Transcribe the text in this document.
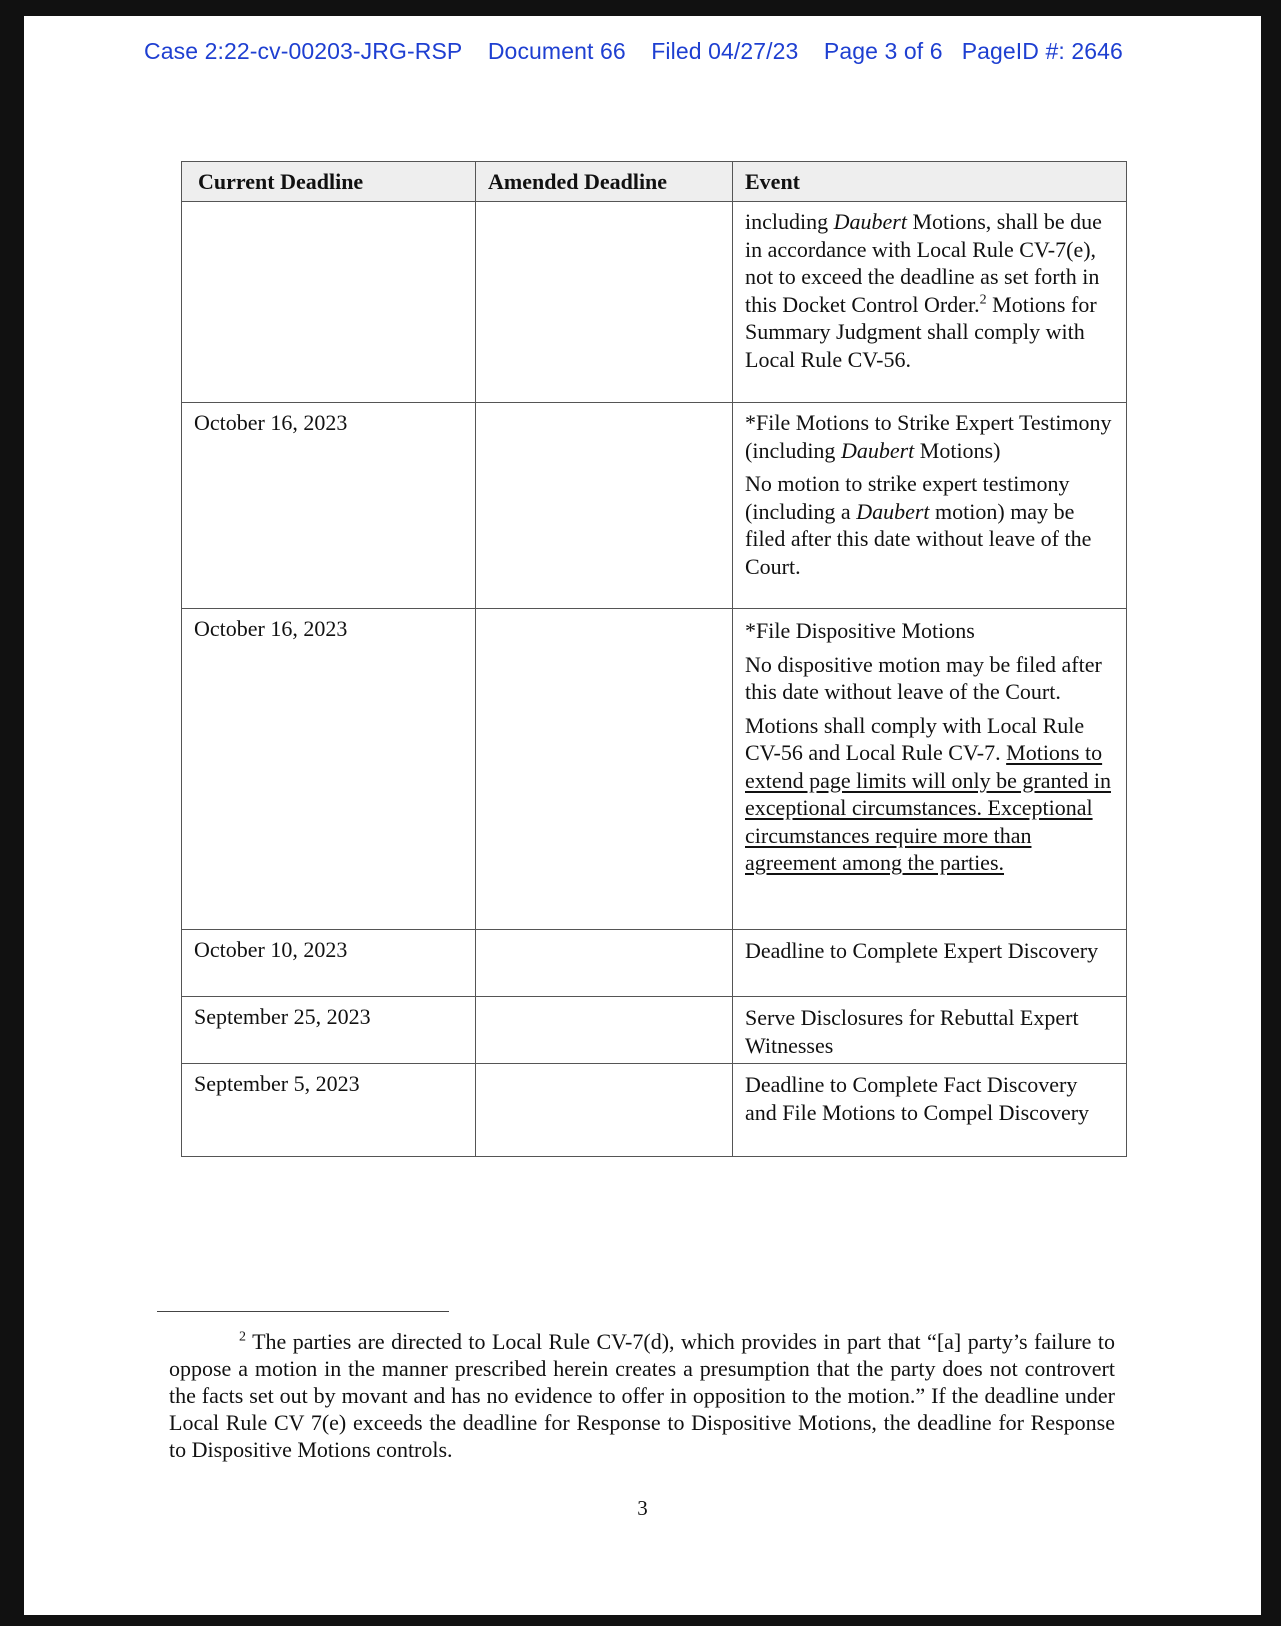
Case 2:22-cv-00203-JRG-RSP Document 66 Filed 04/27/23 Page 3 of 6 PageID #: 2646
Current Deadline	Amended Deadline	Event

		including Daubert Motions, shall be due in accordance with Local Rule CV-7(e), not to exceed the deadline as set forth in this Docket Control Order.$^2$ Motions for Summary Judgment shall comply with Local Rule CV-56.

October 16, 2023		*File Motions to Strike Expert Testimony (including Daubert Motions)

No motion to strike expert testimony (including a Daubert motion) may be filed after this date without leave of the Court.

October 16, 2023		*File Dispositive Motions

No dispositive motion may be filed after this date without leave of the Court.

Motions shall comply with Local Rule CV-56 and Local Rule CV-7. Motions to extend page limits will only be granted in exceptional circumstances. Exceptional circumstances require more than agreement among the parties.

October 10, 2023		Deadline to Complete Expert Discovery
September 25, 2023		Serve Disclosures for Rebuttal Expert Witnesses
September 5, 2023		Deadline to Complete Fact Discovery and File Motions to Compel Discovery
$^2$ The parties are directed to Local Rule CV-7(d), which provides in part that “[a] party’s failure to oppose a motion in the manner prescribed herein creates a presumption that the party does not controvert the facts set out by movant and has no evidence to offer in opposition to the motion.” If the deadline under Local Rule CV 7(e) exceeds the deadline for Response to Dispositive Motions, the deadline for Response to Dispositive Motions controls.
3
